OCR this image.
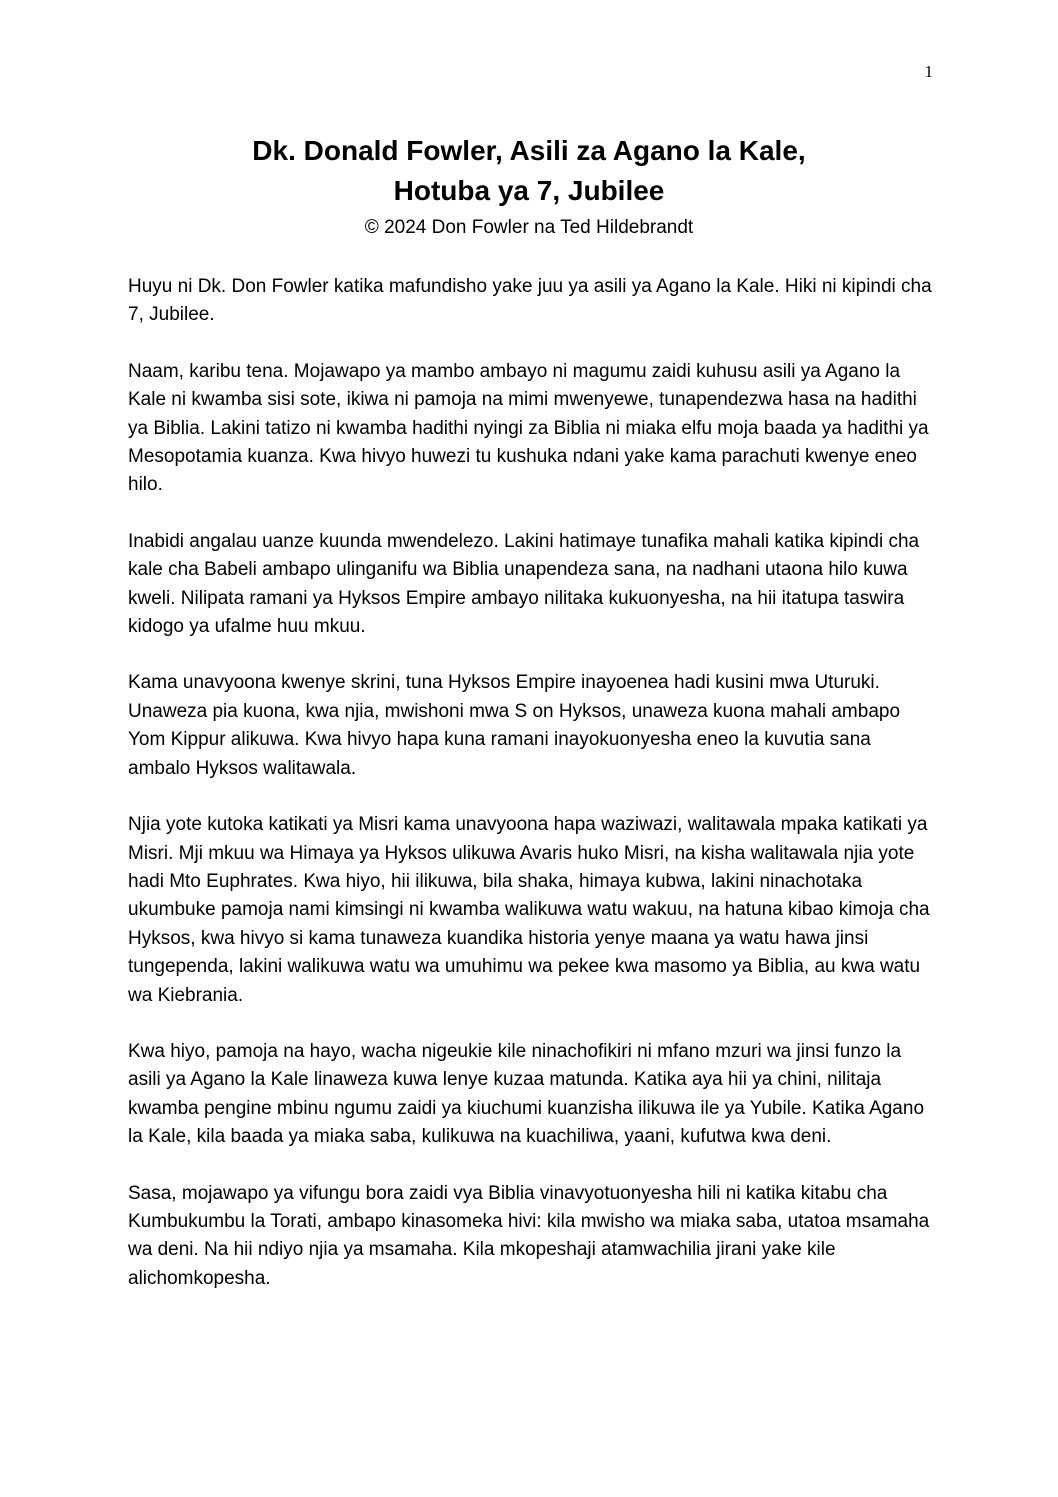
1
Dk. Donald Fowler, Asili za Agano la Kale,
Hotuba ya 7, Jubilee
© 2024 Don Fowler na Ted Hildebrandt

Huyu ni Dk. Don Fowler katika mafundisho yake juu ya asili ya Agano la Kale. Hiki ni kipindi cha 7, Jubilee.

Naam, karibu tena. Mojawapo ya mambo ambayo ni magumu zaidi kuhusu asili ya Agano la Kale ni kwamba sisi sote, ikiwa ni pamoja na mimi mwenyewe, tunapendezwa hasa na hadithi ya Biblia. Lakini tatizo ni kwamba hadithi nyingi za Biblia ni miaka elfu moja baada ya hadithi ya Mesopotamia kuanza. Kwa hivyo huwezi tu kushuka ndani yake kama parachuti kwenye eneo hilo.

Inabidi angalau uanze kuunda mwendelezo. Lakini hatimaye tunafika mahali katika kipindi cha kale cha Babeli ambapo ulinganifu wa Biblia unapendeza sana, na nadhani utaona hilo kuwa kweli. Nilipata ramani ya Hyksos Empire ambayo nilitaka kukuonyesha, na hii itatupa taswira kidogo ya ufalme huu mkuu.

Kama unavyoona kwenye skrini, tuna Hyksos Empire inayoenea hadi kusini mwa Uturuki. Unaweza pia kuona, kwa njia, mwishoni mwa S on Hyksos, unaweza kuona mahali ambapo Yom Kippur alikuwa. Kwa hivyo hapa kuna ramani inayokuonyesha eneo la kuvutia sana ambalo Hyksos walitawala.

Njia yote kutoka katikati ya Misri kama unavyoona hapa waziwazi, walitawala mpaka katikati ya Misri. Mji mkuu wa Himaya ya Hyksos ulikuwa Avaris huko Misri, na kisha walitawala njia yote hadi Mto Euphrates. Kwa hiyo, hii ilikuwa, bila shaka, himaya kubwa, lakini ninachotaka ukumbuke pamoja nami kimsingi ni kwamba walikuwa watu wakuu, na hatuna kibao kimoja cha Hyksos, kwa hivyo si kama tunaweza kuandika historia yenye maana ya watu hawa jinsi tungependa, lakini walikuwa watu wa umuhimu wa pekee kwa masomo ya Biblia, au kwa watu wa Kiebrania.

Kwa hiyo, pamoja na hayo, wacha nigeukie kile ninachofikiri ni mfano mzuri wa jinsi funzo la asili ya Agano la Kale linaweza kuwa lenye kuzaa matunda. Katika aya hii ya chini, nilitaja kwamba pengine mbinu ngumu zaidi ya kiuchumi kuanzisha ilikuwa ile ya Yubile. Katika Agano la Kale, kila baada ya miaka saba, kulikuwa na kuachiliwa, yaani, kufutwa kwa deni.

Sasa, mojawapo ya vifungu bora zaidi vya Biblia vinavyotuonyesha hili ni katika kitabu cha Kumbukumbu la Torati, ambapo kinasomeka hivi: kila mwisho wa miaka saba, utatoa msamaha wa deni. Na hii ndiyo njia ya msamaha. Kila mkopeshaji atamwachilia jirani yake kile alichomkopesha.
